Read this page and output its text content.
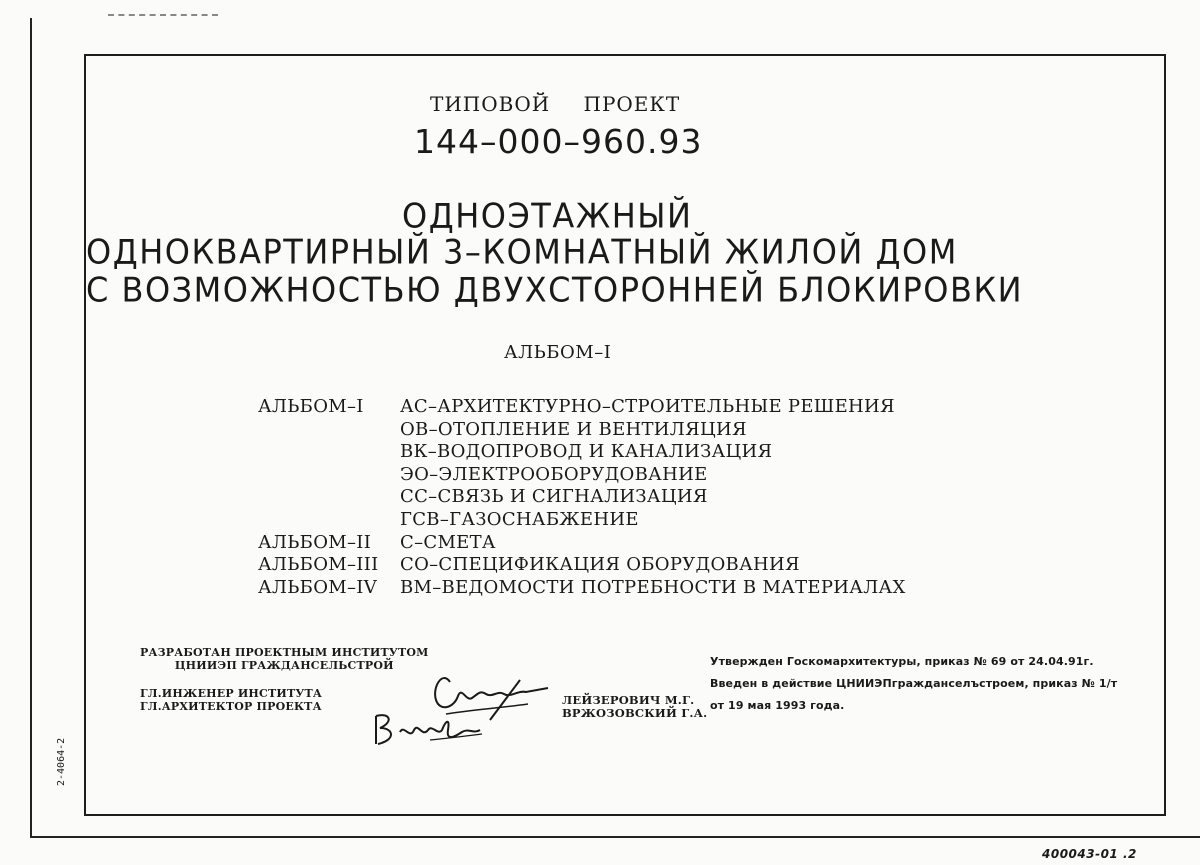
ТИПОВОЙ ПРОЕКТ
144–000–960.93
ОДНОЭТАЖНЫЙ
ОДНОКВАРТИРНЫЙ 3–КОМНАТНЫЙ ЖИЛОЙ ДОМ
С ВОЗМОЖНОСТЬЮ ДВУХСТОРОННЕЙ БЛОКИРОВКИ
АЛЬБОМ–I
АЛЬБОМ–I	АС–АРХИТЕКТУРНО–СТРОИТЕЛЬНЫЕ РЕШЕНИЯ
ОВ–ОТОПЛЕНИЕ И ВЕНТИЛЯЦИЯ
ВК–ВОДОПРОВОД И КАНАЛИЗАЦИЯ
ЭО–ЭЛЕКТРООБОРУДОВАНИЕ
СС–СВЯЗЬ И СИГНАЛИЗАЦИЯ
ГСВ–ГАЗОСНАБЖЕНИЕ
АЛЬБОМ–II	С–СМЕТА
АЛЬБОМ–III	СО–СПЕЦИФИКАЦИЯ ОБОРУДОВАНИЯ
АЛЬБОМ–IV	ВМ–ВЕДОМОСТИ ПОТРЕБНОСТИ В МАТЕРИАЛАХ
РАЗРАБОТАН ПРОЕКТНЫМ ИНСТИТУТОМ
ЦНИИЭП ГРАЖДАНСЕЛЬСТРОЙ
ГЛ.ИНЖЕНЕР ИНСТИТУТА
ГЛ.АРХИТЕКТОР ПРОЕКТА	ЛЕЙЗЕРОВИЧ М.Г.
ВРЖОЗОВСКИЙ Г.А.
Утвержден Госкомархитектуры, приказ № 69 от 24.04.91г.
Введен в действие ЦНИИЭПгражданселъстроем, приказ № 1/т
от 19 мая 1993 года.
2-4064-2
400043-01 .2
